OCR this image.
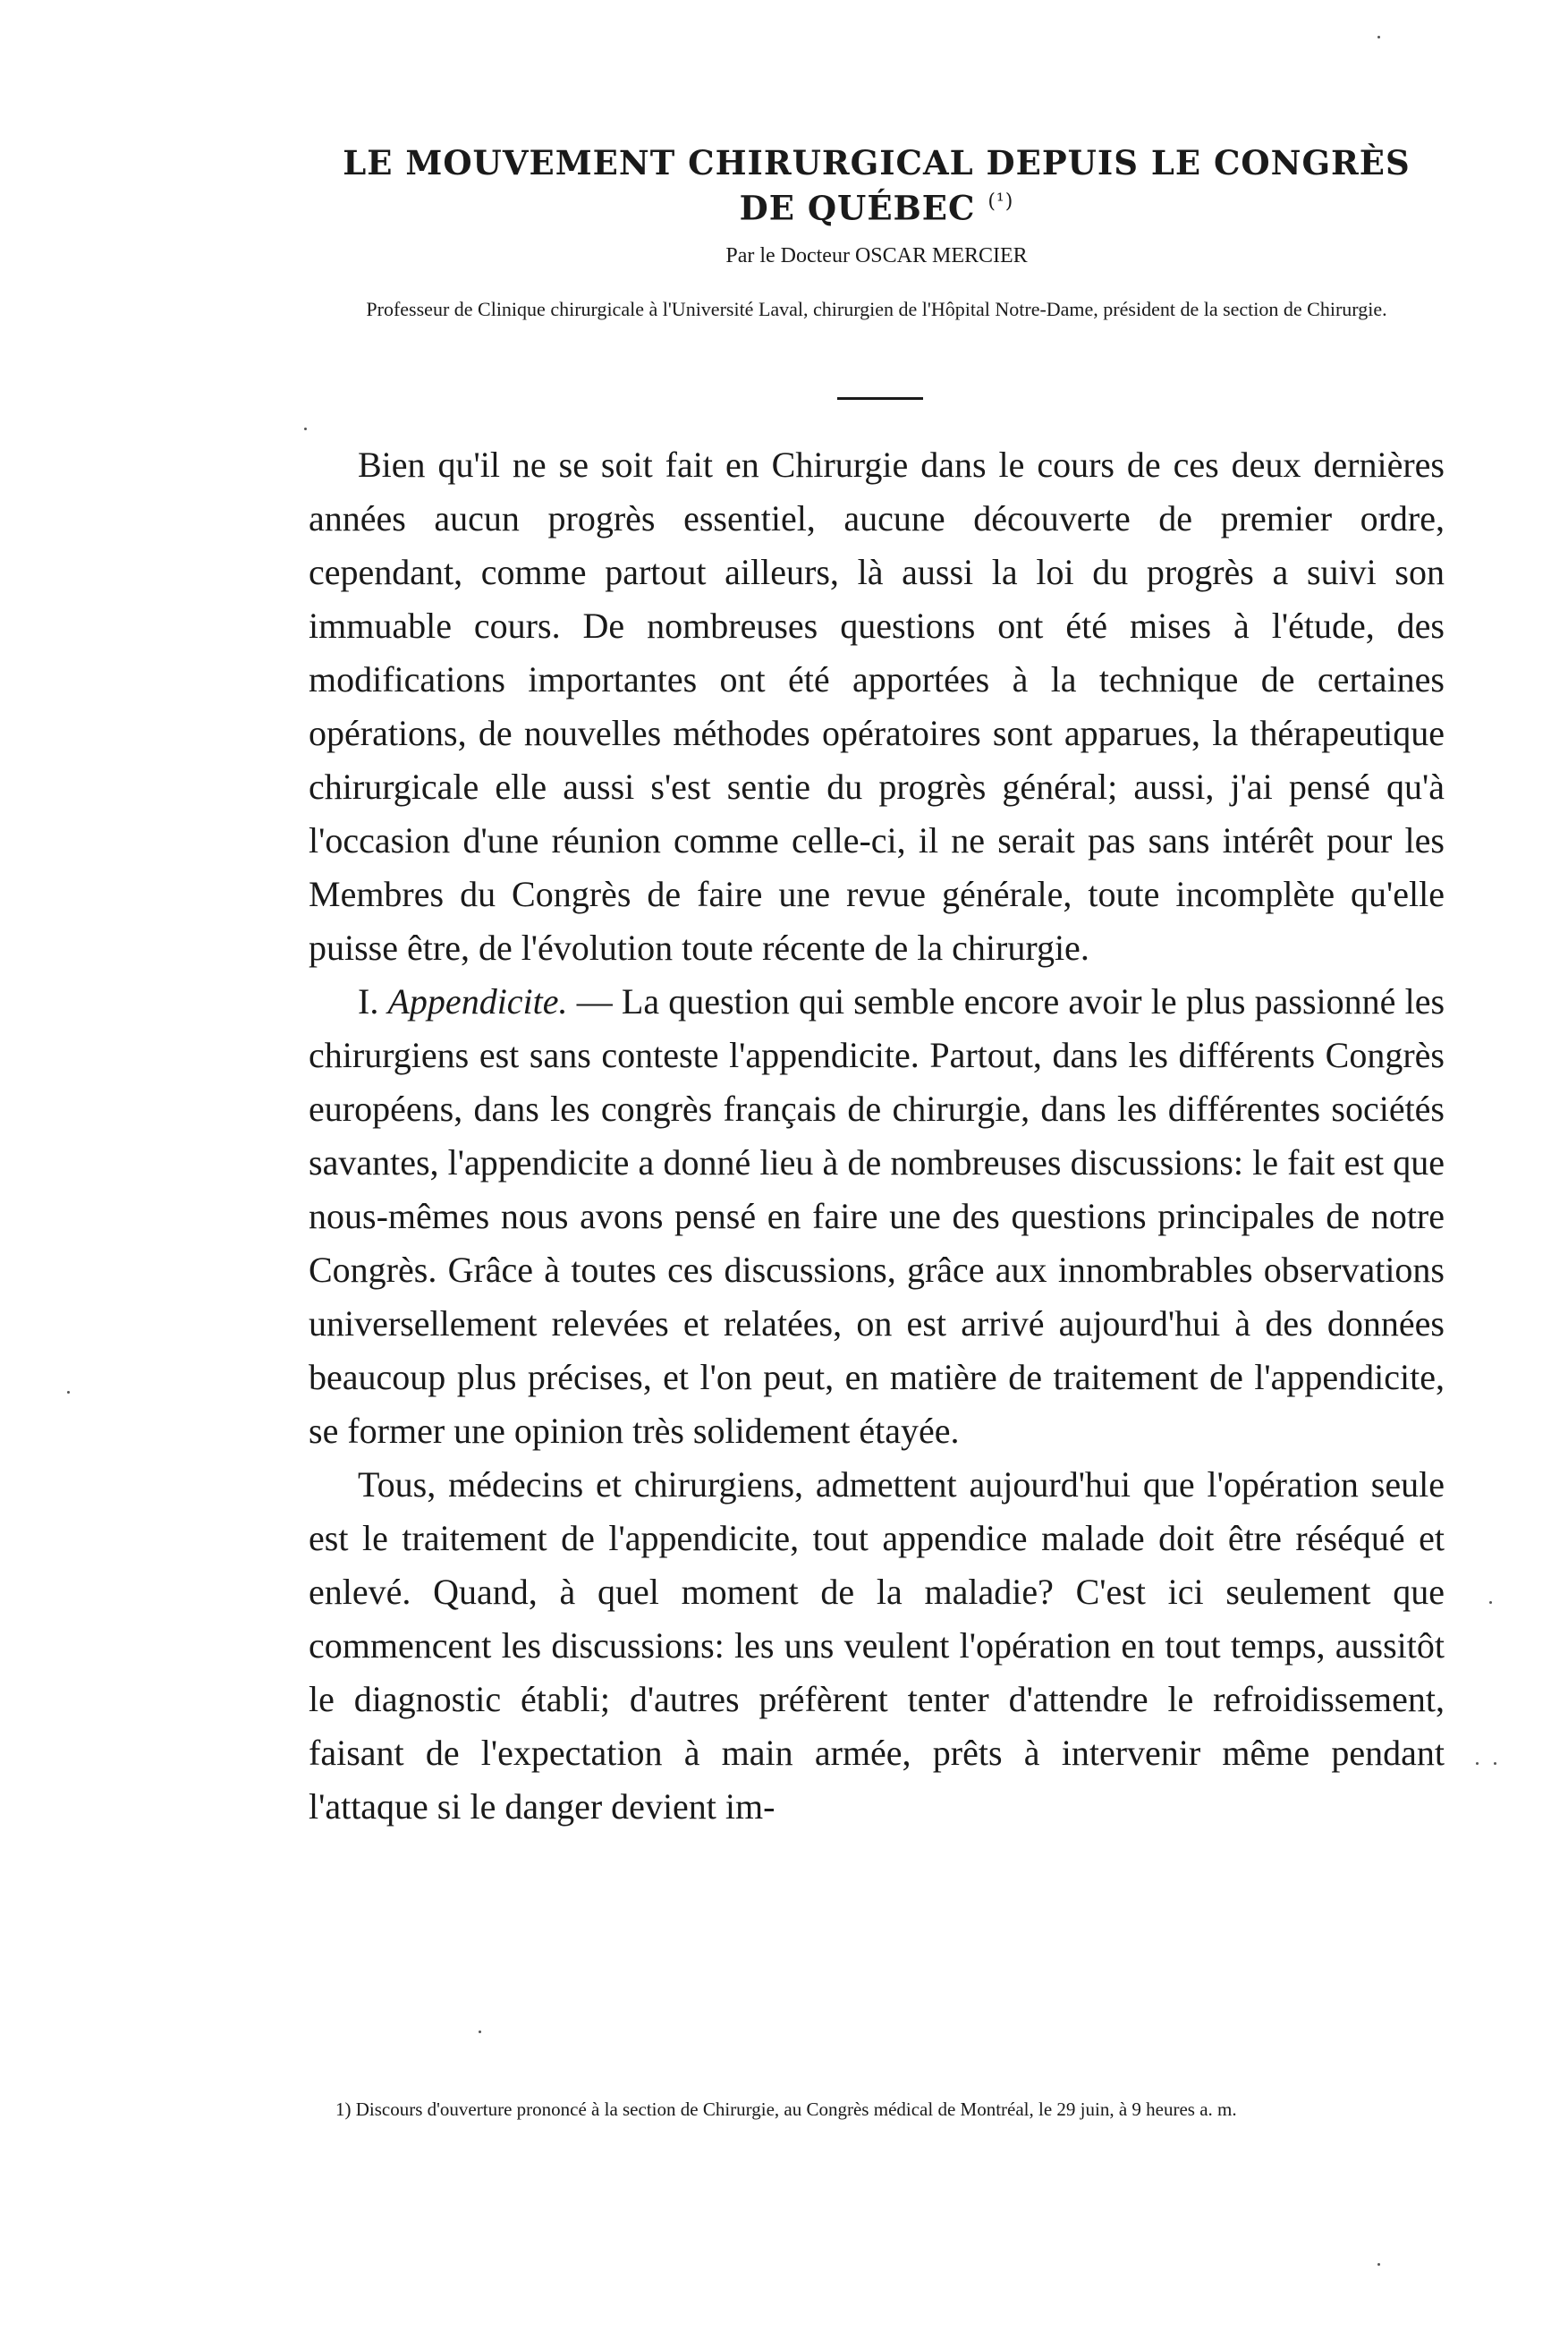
LE MOUVEMENT CHIRURGICAL DEPUIS LE CONGRÈS
DE QUÉBEC $^{(^1)}$

Par le Docteur OSCAR MERCIER

Professeur de Clinique chirurgicale à l'Université Laval, chirurgien de l'Hôpital Notre-Dame, président de la section de Chirurgie.

Bien qu'il ne se soit fait en Chirurgie dans le cours de ces deux dernières années aucun progrès essentiel, aucune découverte de premier ordre, cependant, comme partout ailleurs, là aussi la loi du progrès a suivi son immuable cours. De nombreuses questions ont été mises à l'étude, des modifications importantes ont été apportées à la technique de certaines opérations, de nouvelles méthodes opératoires sont apparues, la thérapeutique chirurgicale elle aussi s'est sentie du progrès général; aussi, j'ai pensé qu'à l'occasion d'une réunion comme celle-ci, il ne serait pas sans intérêt pour les Membres du Congrès de faire une revue générale, toute incomplète qu'elle puisse être, de l'évolution toute récente de la chirurgie.

I. Appendicite. — La question qui semble encore avoir le plus passionné les chirurgiens est sans conteste l'appendicite. Partout, dans les différents Congrès européens, dans les congrès français de chirurgie, dans les différentes sociétés savantes, l'appendicite a donné lieu à de nombreuses discussions: le fait est que nous-mêmes nous avons pensé en faire une des questions principales de notre Congrès. Grâce à toutes ces discussions, grâce aux innombrables observations universellement relevées et relatées, on est arrivé aujourd'hui à des données beaucoup plus précises, et l'on peut, en matière de traitement de l'appendicite, se former une opinion très solidement étayée.

Tous, médecins et chirurgiens, admettent aujourd'hui que l'opération seule est le traitement de l'appendicite, tout appendice malade doit être réséqué et enlevé. Quand, à quel moment de la maladie? C'est ici seulement que commencent les discussions: les uns veulent l'opération en tout temps, aussitôt le diagnostic établi; d'autres préfèrent tenter d'attendre le refroidissement, faisant de l'expectation à main armée, prêts à intervenir même pendant l'attaque si le danger devient im-

1) Discours d'ouverture prononcé à la section de Chirurgie, au Congrès médical de Montréal, le 29 juin, à 9 heures a. m.
